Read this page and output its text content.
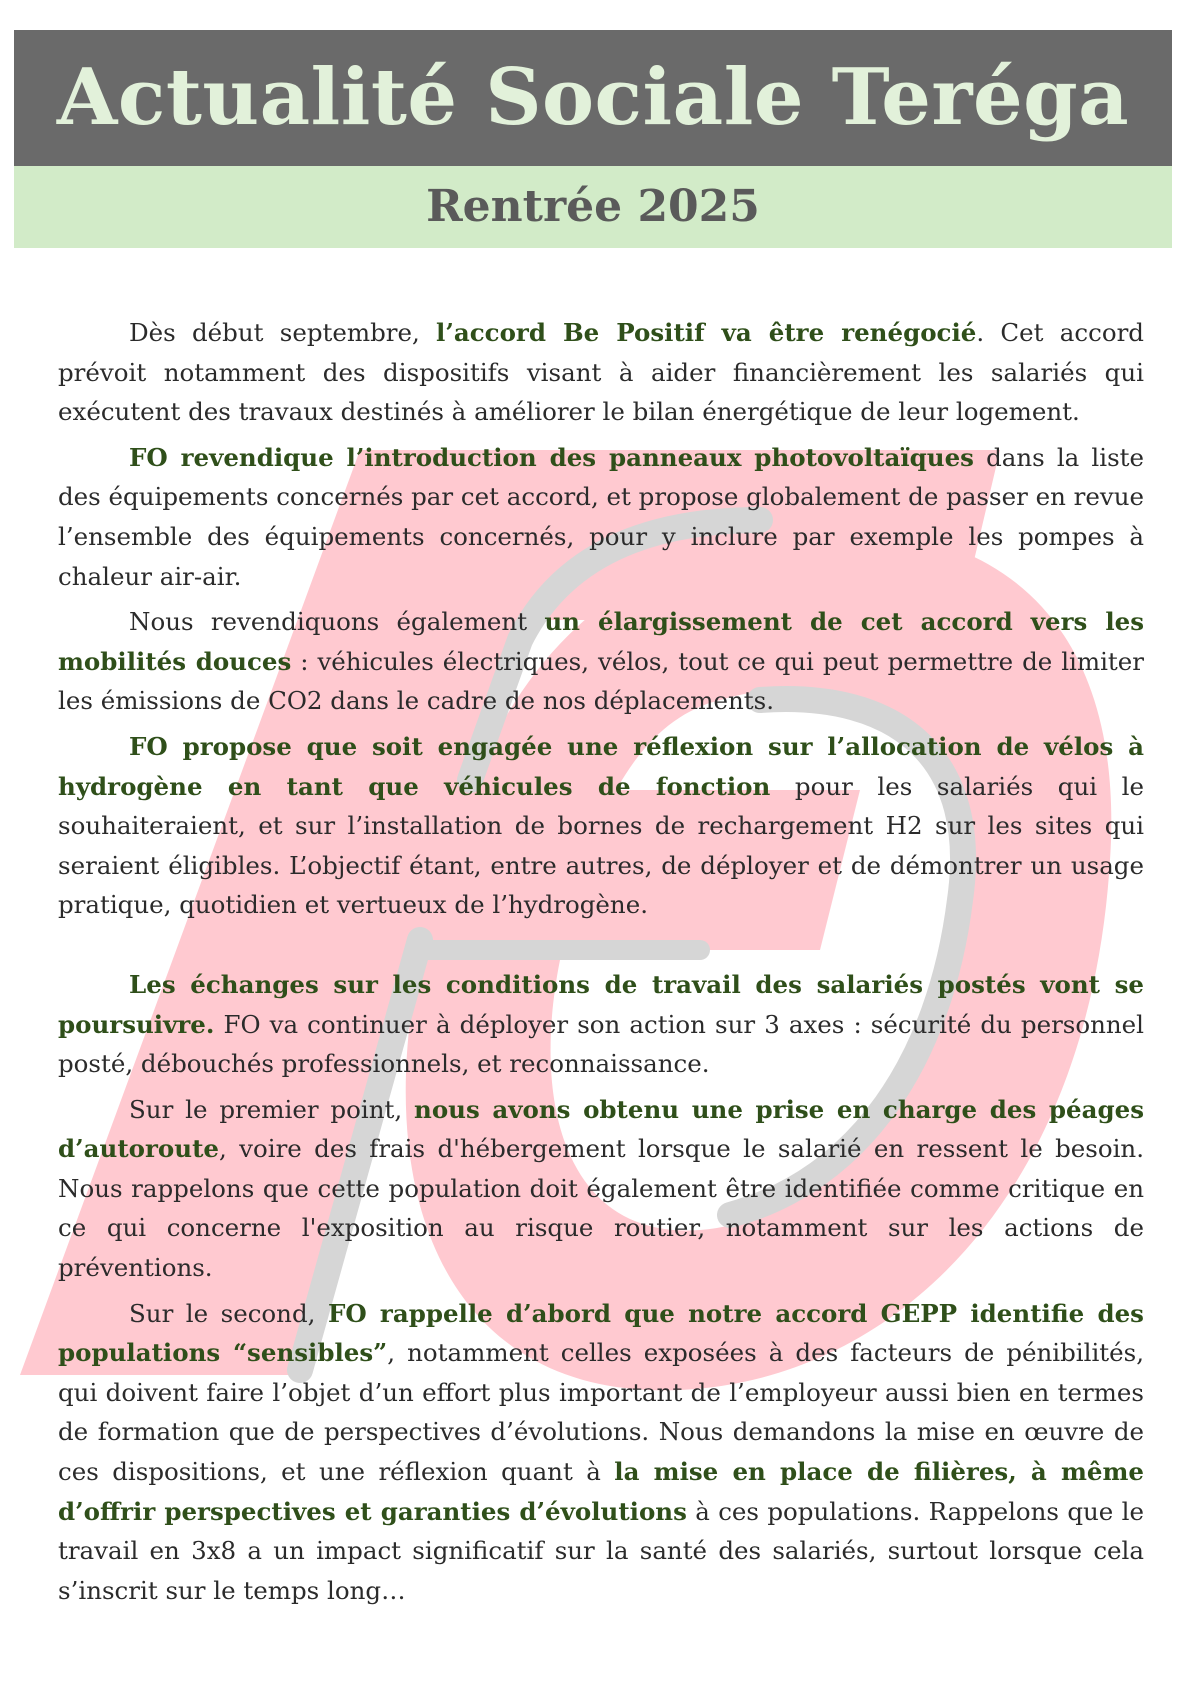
Actualité Sociale Teréga
Rentrée 2025

Dès début septembre, l’accord Be Positif va être renégocié. Cet accord prévoit notamment des dispositifs visant à aider financièrement les salariés qui exécutent des travaux destinés à améliorer le bilan énergétique de leur logement.

FO revendique l’introduction des panneaux photovoltaïques dans la liste des équipements concernés par cet accord, et propose globalement de passer en revue l’ensemble des équipements concernés, pour y inclure par exemple les pompes à chaleur air-air.

Nous revendiquons également un élargissement de cet accord vers les mobilités douces : véhicules électriques, vélos, tout ce qui peut permettre de limiter les émissions de CO2 dans le cadre de nos déplacements.

FO propose que soit engagée une réflexion sur l’allocation de vélos à hydrogène en tant que véhicules de fonction pour les salariés qui le souhaiteraient, et sur l’installation de bornes de rechargement H2 sur les sites qui seraient éligibles. L’objectif étant, entre autres, de déployer et de démontrer un usage pratique, quotidien et vertueux de l’hydrogène.

Les échanges sur les conditions de travail des salariés postés vont se poursuivre. FO va continuer à déployer son action sur 3 axes : sécurité du personnel posté, débouchés professionnels, et reconnaissance.

Sur le premier point, nous avons obtenu une prise en charge des péages d’autoroute, voire des frais d'hébergement lorsque le salarié en ressent le besoin. Nous rappelons que cette population doit également être identifiée comme critique en ce qui concerne l'exposition au risque routier, notamment sur les actions de préventions.

Sur le second, FO rappelle d’abord que notre accord GEPP identifie des populations “sensibles”, notamment celles exposées à des facteurs de pénibilités, qui doivent faire l’objet d’un effort plus important de l’employeur aussi bien en termes de formation que de perspectives d’évolutions. Nous demandons la mise en œuvre de ces dispositions, et une réflexion quant à la mise en place de filières, à même d’offrir perspectives et garanties d’évolutions à ces populations. Rappelons que le travail en 3x8 a un impact significatif sur la santé des salariés, surtout lorsque cela s’inscrit sur le temps long…
